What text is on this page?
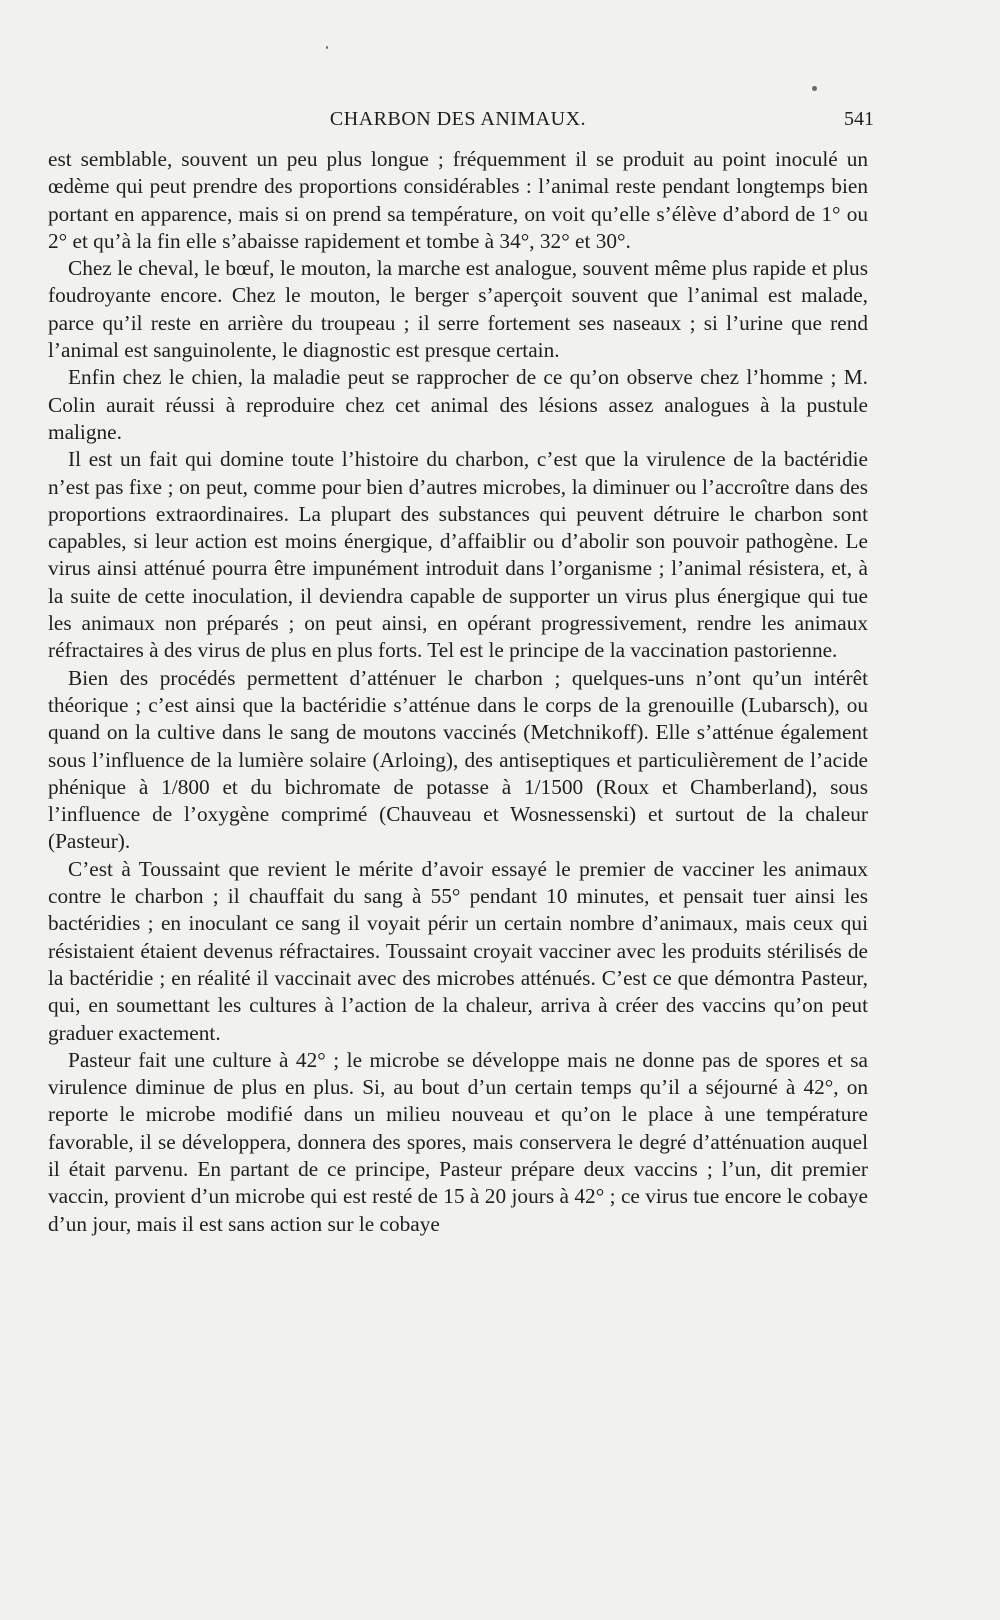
CHARBON DES ANIMAUX.	541

est semblable, souvent un peu plus longue ; fréquemment il se produit au point inoculé un œdème qui peut prendre des proportions considérables : l’animal reste pendant longtemps bien portant en apparence, mais si on prend sa température, on voit qu’elle s’élève d’abord de 1° ou 2° et qu’à la fin elle s’abaisse rapidement et tombe à 34°, 32° et 30°.

Chez le cheval, le bœuf, le mouton, la marche est analogue, souvent même plus rapide et plus foudroyante encore. Chez le mouton, le berger s’aperçoit souvent que l’animal est malade, parce qu’il reste en arrière du troupeau ; il serre fortement ses naseaux ; si l’urine que rend l’animal est sanguinolente, le diagnostic est presque certain.

Enfin chez le chien, la maladie peut se rapprocher de ce qu’on observe chez l’homme ; M. Colin aurait réussi à reproduire chez cet animal des lésions assez analogues à la pustule maligne.

Il est un fait qui domine toute l’histoire du charbon, c’est que la virulence de la bactéridie n’est pas fixe ; on peut, comme pour bien d’autres microbes, la diminuer ou l’accroître dans des proportions extraordinaires. La plupart des substances qui peuvent détruire le charbon sont capables, si leur action est moins énergique, d’affaiblir ou d’abolir son pouvoir pathogène. Le virus ainsi atténué pourra être impunément introduit dans l’organisme ; l’animal résistera, et, à la suite de cette inoculation, il deviendra capable de supporter un virus plus énergique qui tue les animaux non préparés ; on peut ainsi, en opérant progressivement, rendre les animaux réfractaires à des virus de plus en plus forts. Tel est le principe de la vaccination pastorienne.

Bien des procédés permettent d’atténuer le charbon ; quelques-uns n’ont qu’un intérêt théorique ; c’est ainsi que la bactéridie s’atténue dans le corps de la grenouille (Lubarsch), ou quand on la cultive dans le sang de moutons vaccinés (Metchnikoff). Elle s’atténue également sous l’influence de la lumière solaire (Arloing), des antiseptiques et particulièrement de l’acide phénique à 1/800 et du bichromate de potasse à 1/1500 (Roux et Chamberland), sous l’influence de l’oxygène comprimé (Chauveau et Wosnessenski) et surtout de la chaleur (Pasteur).

C’est à Toussaint que revient le mérite d’avoir essayé le premier de vacciner les animaux contre le charbon ; il chauffait du sang à 55° pendant 10 minutes, et pensait tuer ainsi les bactéridies ; en inoculant ce sang il voyait périr un certain nombre d’animaux, mais ceux qui résistaient étaient devenus réfractaires. Toussaint croyait vacciner avec les produits stérilisés de la bactéridie ; en réalité il vaccinait avec des microbes atténués. C’est ce que démontra Pasteur, qui, en soumettant les cultures à l’action de la chaleur, arriva à créer des vaccins qu’on peut graduer exactement.

Pasteur fait une culture à 42° ; le microbe se développe mais ne donne pas de spores et sa virulence diminue de plus en plus. Si, au bout d’un certain temps qu’il a séjourné à 42°, on reporte le microbe modifié dans un milieu nouveau et qu’on le place à une température favorable, il se développera, donnera des spores, mais conservera le degré d’atténuation auquel il était parvenu. En partant de ce principe, Pasteur prépare deux vaccins ; l’un, dit premier vaccin, provient d’un microbe qui est resté de 15 à 20 jours à 42° ; ce virus tue encore le cobaye d’un jour, mais il est sans action sur le cobaye
